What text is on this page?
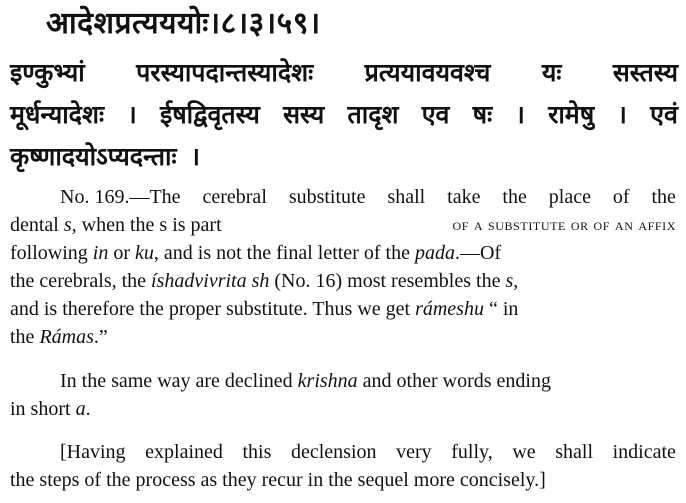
आदेशप्रत्यययोः।८।३।५९।
इण्कुभ्यां परस्यापदान्तस्यादेशः प्रत्ययावयवश्च यः सस्तस्य
मूर्धन्यादेशः । ईषद्विवृतस्य सस्य तादृश एव षः । रामेषु । एवं
कृष्णादयोऽप्यदन्ताः ।
No. 169.—The cerebral substitute shall take the place of the
dental s, when the s is part	of a substitute or of an affix
following in or ku, and is not the final letter of the pada.—Of
the cerebrals, the íshadvivrita sh (No. 16) most resembles the s,
and is therefore the proper substitute. Thus we get rámeshu “ in
the Rámas.”
In the same way are declined krishna and other words ending
in short a.
[Having explained this declension very fully, we shall indicate
the steps of the process as they recur in the sequel more concisely.]
